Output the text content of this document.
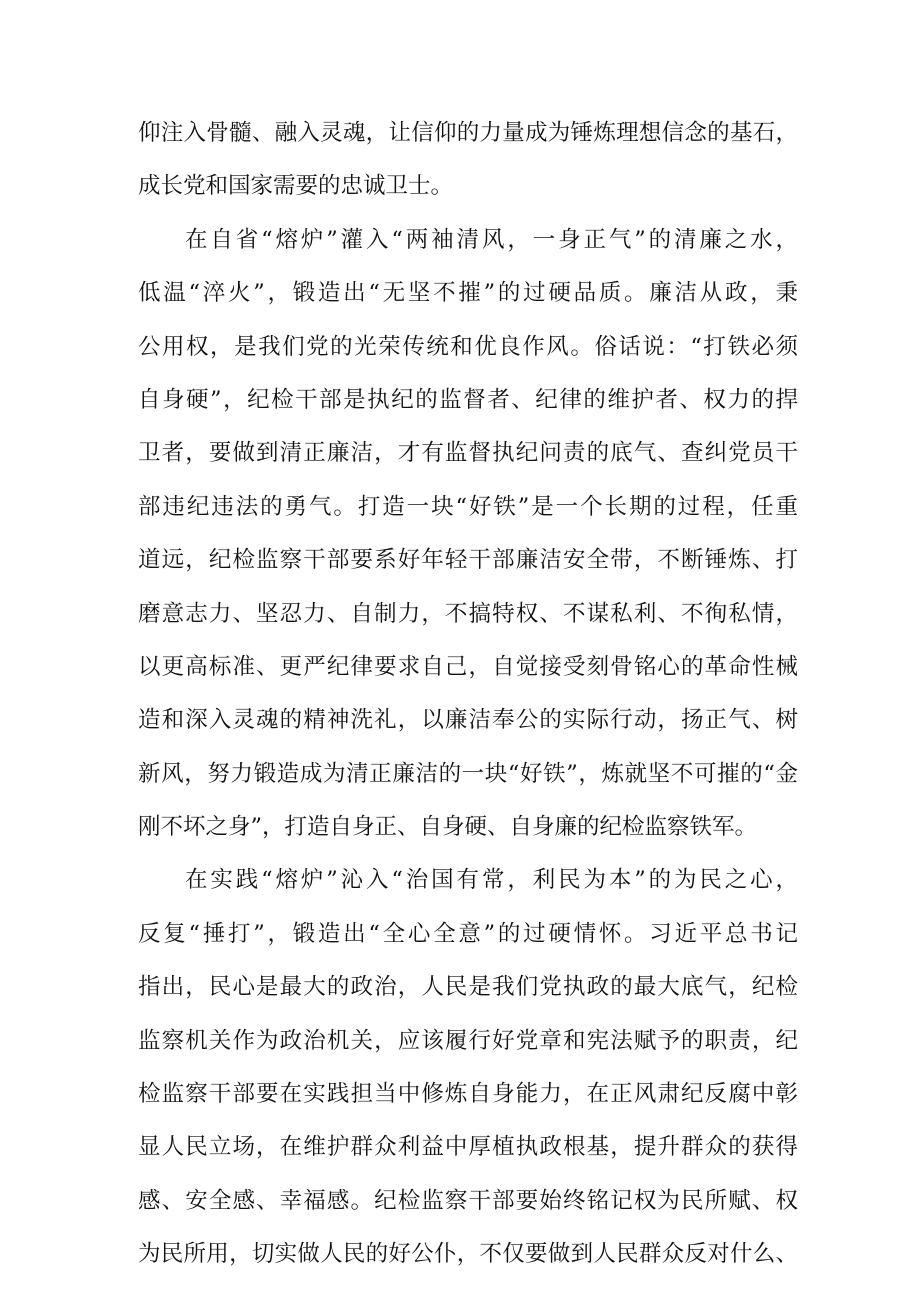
仰注入骨髓、融入灵魂，让信仰的力量成为锤炼理想信念的基石，
成长党和国家需要的忠诚卫士。
在自省“熔炉”灌入“两袖清风，一身正气”的清廉之水，
低温“淬火”，锻造出“无坚不摧”的过硬品质。廉洁从政，秉
公用权，是我们党的光荣传统和优良作风。俗话说：“打铁必须
自身硬”，纪检干部是执纪的监督者、纪律的维护者、权力的捍
卫者，要做到清正廉洁，才有监督执纪问责的底气、查纠党员干
部违纪违法的勇气。打造一块“好铁”是一个长期的过程，任重
道远，纪检监察干部要系好年轻干部廉洁安全带，不断锤炼、打
磨意志力、坚忍力、自制力，不搞特权、不谋私利、不徇私情，
以更高标准、更严纪律要求自己，自觉接受刻骨铭心的革命性械
造和深入灵魂的精神洗礼，以廉洁奉公的实际行动，扬正气、树
新风，努力锻造成为清正廉洁的一块“好铁”，炼就坚不可摧的“金
刚不坏之身”，打造自身正、自身硬、自身廉的纪检监察铁军。
在实践“熔炉”沁入“治国有常，利民为本”的为民之心，
反复“捶打”，锻造出“全心全意”的过硬情怀。习近平总书记
指出，民心是最大的政治，人民是我们党执政的最大底气，纪检
监察机关作为政治机关，应该履行好党章和宪法赋予的职责，纪
检监察干部要在实践担当中修炼自身能力，在正风肃纪反腐中彰
显人民立场，在维护群众利益中厚植执政根基，提升群众的获得
感、安全感、幸福感。纪检监察干部要始终铭记权为民所赋、权
为民所用，切实做人民的好公仆，不仅要做到人民群众反对什么、
